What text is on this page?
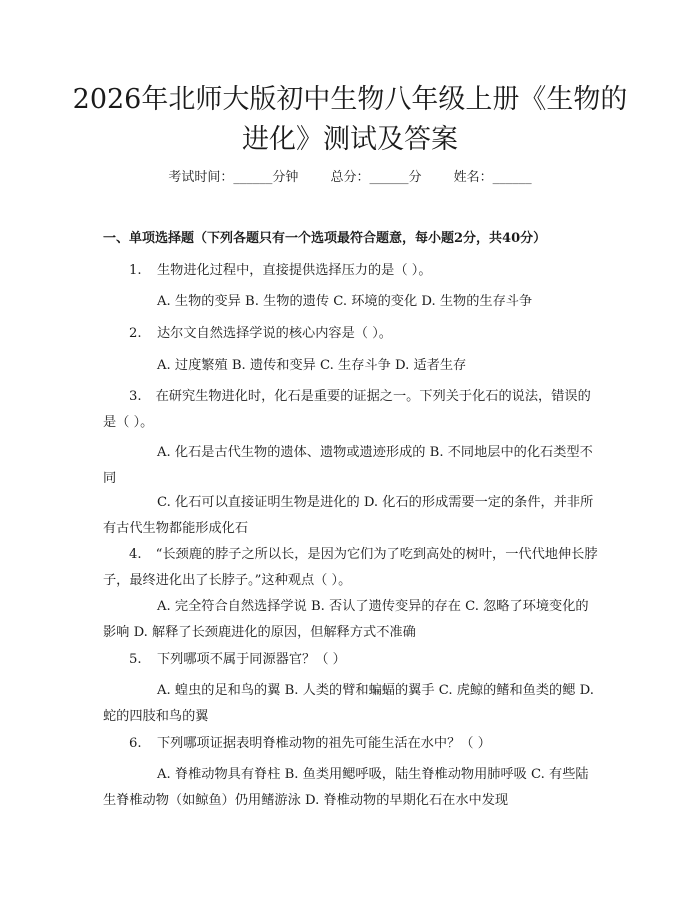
2026年北师大版初中生物八年级上册《生物的进化》测试及答案
考试时间：______分钟 总分：______分 姓名：______
一、单项选择题（下列各题只有一个选项最符合题意，每小题2分，共40分）

1. 生物进化过程中，直接提供选择压力的是（ ）。

A. 生物的变异 B. 生物的遗传 C. 环境的变化 D. 生物的生存斗争

2. 达尔文自然选择学说的核心内容是（ ）。

A. 过度繁殖 B. 遗传和变异 C. 生存斗争 D. 适者生存

3. 在研究生物进化时，化石是重要的证据之一。下列关于化石的说法，错误的是（ ）。

A. 化石是古代生物的遗体、遗物或遗迹形成的 B. 不同地层中的化石类型不同

C. 化石可以直接证明生物是进化的 D. 化石的形成需要一定的条件，并非所有古代生物都能形成化石

4. “长颈鹿的脖子之所以长，是因为它们为了吃到高处的树叶，一代代地伸长脖子，最终进化出了长脖子。”这种观点（ ）。

A. 完全符合自然选择学说 B. 否认了遗传变异的存在 C. 忽略了环境变化的影响 D. 解释了长颈鹿进化的原因，但解释方式不准确

5. 下列哪项不属于同源器官？（ ）

A. 蝗虫的足和鸟的翼 B. 人类的臂和蝙蝠的翼手 C. 虎鲸的鳍和鱼类的鳃 D. 蛇的四肢和鸟的翼

6. 下列哪项证据表明脊椎动物的祖先可能生活在水中？（ ）

A. 脊椎动物具有脊柱 B. 鱼类用鳃呼吸，陆生脊椎动物用肺呼吸 C. 有些陆生脊椎动物（如鲸鱼）仍用鳍游泳 D. 脊椎动物的早期化石在水中发现
